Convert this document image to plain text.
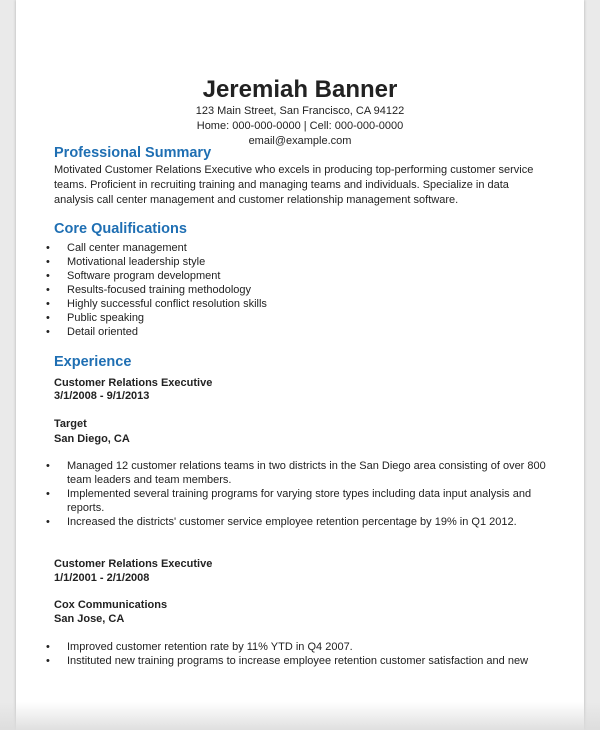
Jeremiah Banner
123 Main Street, San Francisco, CA 94122
Home: 000-000-0000 | Cell: 000-000-0000
email@example.com
Professional Summary
Motivated Customer Relations Executive who excels in producing top-performing customer service teams. Proficient in recruiting training and managing teams and individuals. Specialize in data analysis call center management and customer relationship management software.
Core Qualifications
• Call center management
• Motivational leadership style
• Software program development
• Results-focused training methodology
• Highly successful conflict resolution skills
• Public speaking
• Detail oriented
Experience
Customer Relations Executive
3/1/2008 - 9/1/2013
Target
San Diego, CA
• Managed 12 customer relations teams in two districts in the San Diego area consisting of over 800 team leaders and team members.
• Implemented several training programs for varying store types including data input analysis and reports.
• Increased the districts' customer service employee retention percentage by 19% in Q1 2012.
Customer Relations Executive
1/1/2001 - 2/1/2008
Cox Communications
San Jose, CA
• Improved customer retention rate by 11% YTD in Q4 2007.
• Instituted new training programs to increase employee retention customer satisfaction and new
